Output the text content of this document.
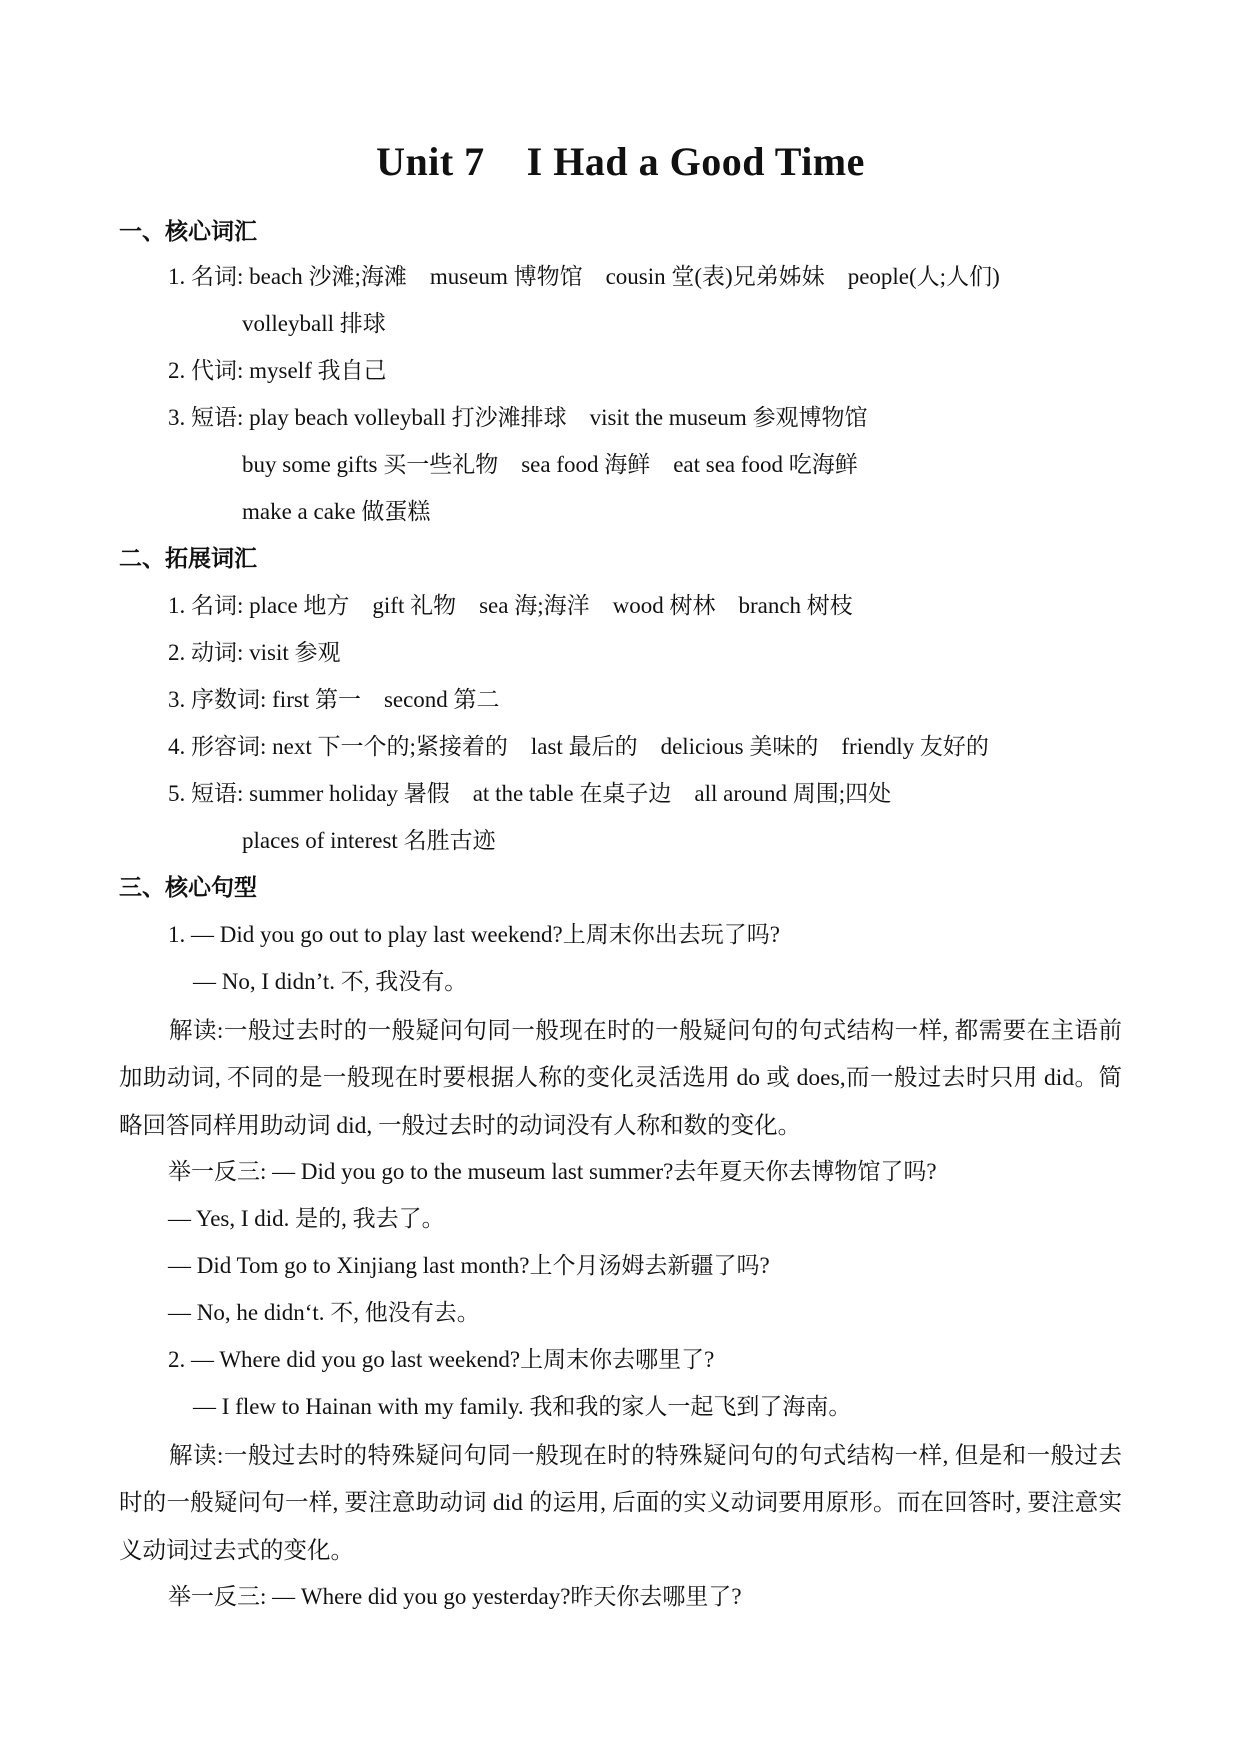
Unit 7    I Had a Good Time
一、核心词汇
1. 名词: beach 沙滩;海滩    museum 博物馆    cousin 堂(表)兄弟姊妹    people(人;人们)
volleyball 排球
2. 代词: myself 我自己
3. 短语: play beach volleyball 打沙滩排球    visit the museum 参观博物馆
buy some gifts 买一些礼物    sea food 海鲜    eat sea food 吃海鲜
make a cake 做蛋糕
二、拓展词汇
1. 名词: place 地方    gift 礼物    sea 海;海洋    wood 树林    branch 树枝
2. 动词: visit 参观
3. 序数词: first 第一    second 第二
4. 形容词: next 下一个的;紧接着的    last 最后的    delicious 美味的    friendly 友好的
5. 短语: summer holiday 暑假    at the table 在桌子边    all around 周围;四处
places of interest 名胜古迹
三、核心句型
1. — Did you go out to play last weekend?上周末你出去玩了吗?
— No, I didn’t. 不, 我没有。
解读:一般过去时的一般疑问句同一般现在时的一般疑问句的句式结构一样, 都需要在主语前加助动词, 不同的是一般现在时要根据人称的变化灵活选用 do 或 does,而一般过去时只用 did。简略回答同样用助动词 did, 一般过去时的动词没有人称和数的变化。
举一反三: — Did you go to the museum last summer?去年夏天你去博物馆了吗?
— Yes, I did. 是的, 我去了。
— Did Tom go to Xinjiang last month?上个月汤姆去新疆了吗?
— No, he didn‘t. 不, 他没有去。
2. — Where did you go last weekend?上周末你去哪里了?
— I flew to Hainan with my family. 我和我的家人一起飞到了海南。
解读:一般过去时的特殊疑问句同一般现在时的特殊疑问句的句式结构一样, 但是和一般过去时的一般疑问句一样, 要注意助动词 did 的运用, 后面的实义动词要用原形。而在回答时, 要注意实义动词过去式的变化。
举一反三: — Where did you go yesterday?昨天你去哪里了?
